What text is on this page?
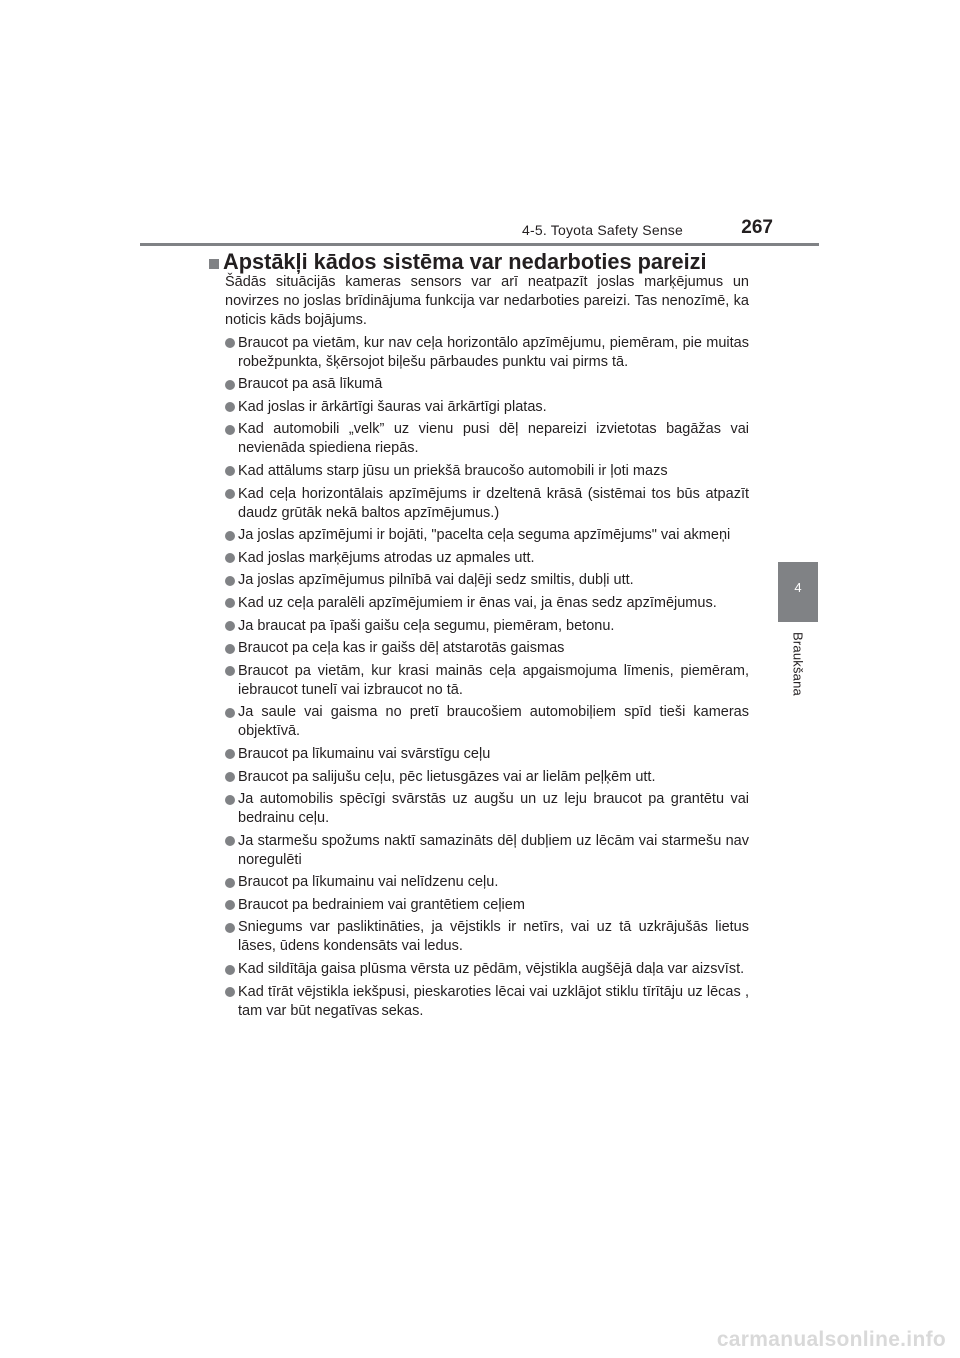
4-5. Toyota Safety Sense	267
4
Braukšana
Apstākļi kādos sistēma var nedarboties pareizi

Šādās situācijās kameras sensors var arī neatpazīt joslas marķējumus un novirzes no joslas brīdinājuma funkcija var nedarboties pareizi. Tas nenozīmē, ka noticis kāds bojājums.

Braucot pa vietām, kur nav ceļa horizontālo apzīmējumu, piemēram, pie muitas robežpunkta, šķērsojot biļešu pārbaudes punktu vai pirms tā.
Braucot pa asā līkumā
Kad joslas ir ārkārtīgi šauras vai ārkārtīgi platas.
Kad automobili „velk” uz vienu pusi dēļ nepareizi izvietotas bagāžas vai nevienāda spiediena riepās.
Kad attālums starp jūsu un priekšā braucošo automobili ir ļoti mazs
Kad ceļa horizontālais apzīmējums ir dzeltenā krāsā (sistēmai tos būs atpazīt daudz grūtāk nekā baltos apzīmējumus.)
Ja joslas apzīmējumi ir bojāti, "pacelta ceļa seguma apzīmējums" vai akmeņi
Kad joslas marķējums atrodas uz apmales utt.
Ja joslas apzīmējumus pilnībā vai daļēji sedz smiltis, dubļi utt.
Kad uz ceļa paralēli apzīmējumiem ir ēnas vai, ja ēnas sedz apzīmējumus.
Ja braucat pa īpaši gaišu ceļa segumu, piemēram, betonu.
Braucot pa ceļa kas ir gaišs dēļ atstarotās gaismas
Braucot pa vietām, kur krasi mainās ceļa apgaismojuma līmenis, piemēram, iebraucot tunelī vai izbraucot no tā.
Ja saule vai gaisma no pretī braucošiem automobiļiem spīd tieši kameras objektīvā.
Braucot pa līkumainu vai svārstīgu ceļu
Braucot pa salijušu ceļu, pēc lietusgāzes vai ar lielām peļķēm utt.
Ja automobilis spēcīgi svārstās uz augšu un uz leju braucot pa grantētu vai bedrainu ceļu.
Ja starmešu spožums naktī samazināts dēļ dubļiem uz lēcām vai starmešu nav noregulēti
Braucot pa līkumainu vai nelīdzenu ceļu.
Braucot pa bedrainiem vai grantētiem ceļiem
Sniegums var pasliktināties, ja vējstikls ir netīrs, vai uz tā uzkrājušās lietus lāses, ūdens kondensāts vai ledus.
Kad sildītāja gaisa plūsma vērsta uz pēdām, vējstikla augšējā daļa var aizsvīst.
Kad tīrāt vējstikla iekšpusi, pieskaroties lēcai vai uzklājot stiklu tīrītāju uz lēcas , tam var būt negatīvas sekas.
carmanualsonline.info
